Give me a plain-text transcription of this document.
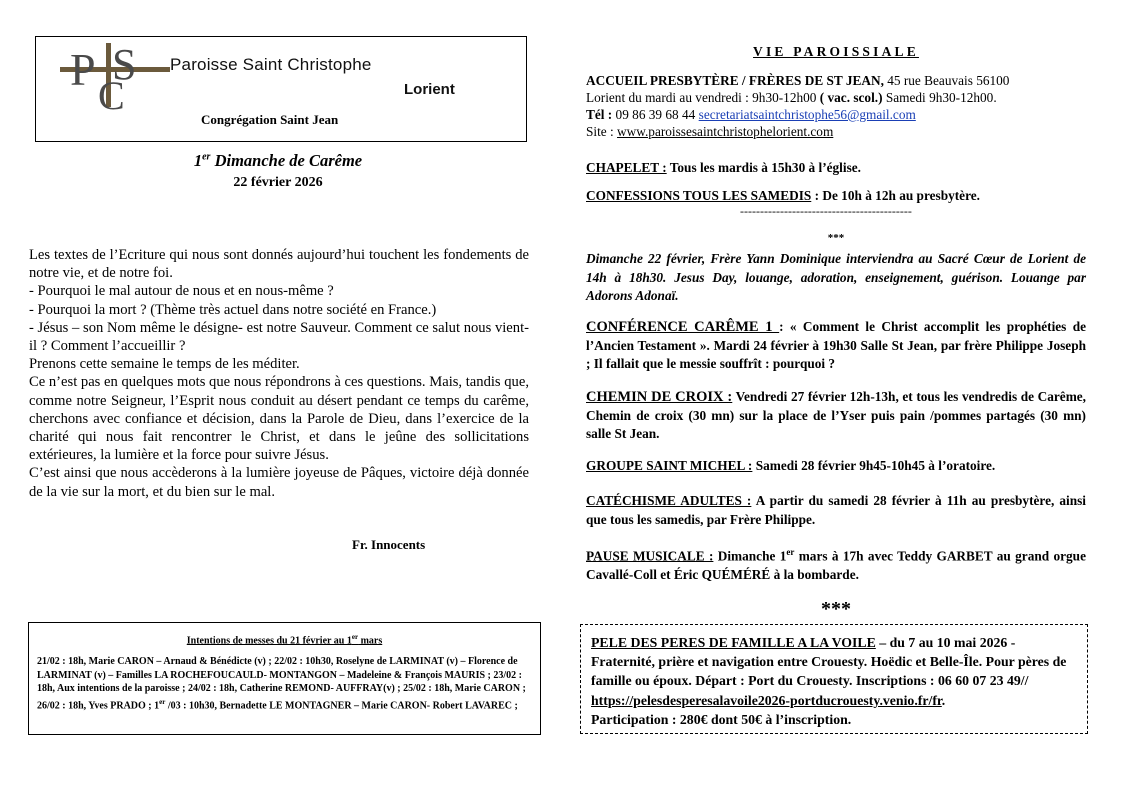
P S
C
Paroisse Saint Christophe
Lorient
Congrégation Saint Jean
1er Dimanche de Carême
22 février 2026

Les textes de l’Ecriture qui nous sont donnés aujourd’hui touchent les fondements de notre vie, et de notre foi.

- Pourquoi le mal autour de nous et en nous-même ?

- Pourquoi la mort ? (Thème très actuel dans notre société en France.)

- Jésus – son Nom même le désigne- est notre Sauveur. Comment ce salut nous vient-il ? Comment l’accueillir ?

Prenons cette semaine le temps de les méditer.

Ce n’est pas en quelques mots que nous répondrons à ces questions. Mais, tandis que, comme notre Seigneur, l’Esprit nous conduit au désert pendant ce temps du carême, cherchons avec confiance et décision, dans la Parole de Dieu, dans l’exercice de la charité qui nous fait rencontrer le Christ, et dans le jeûne des sollicitations extérieures, la lumière et la force pour suivre Jésus.

C’est ainsi que nous accèderons à la lumière joyeuse de Pâques, victoire déjà donnée de la vie sur la mort, et du bien sur le mal.

Fr. Innocents
Intentions de messes du 21 février au 1er mars
21/02 : 18h, Marie CARON – Arnaud & Bénédicte (v) ; 22/02 : 10h30, Roselyne de LARMINAT (v) – Florence de LARMINAT (v) – Familles LA ROCHEFOUCAULD- MONTANGON – Madeleine & François MAURIS ; 23/02 : 18h, Aux intentions de la paroisse ; 24/02 : 18h, Catherine REMOND- AUFFRAY(v) ; 25/02 : 18h, Marie CARON ; 26/02 : 18h, Yves PRADO ; 1er /03 : 10h30, Bernadette LE MONTAGNER – Marie CARON- Robert LAVAREC ;
VIE PAROISSIALE
ACCUEIL PRESBYTÈRE / FRÈRES DE ST JEAN, 45 rue Beauvais 56100
Lorient du mardi au vendredi : 9h30-12h00 ( vac. scol.) Samedi 9h30-12h00.
Tél : 09 86 39 68 44 secretariatsaintchristophe56@gmail.com
Site : www.paroissesaintchristophelorient.com
CHAPELET : Tous les mardis à 15h30 à l’église.
CONFESSIONS TOUS LES SAMEDIS : De 10h à 12h au presbytère.
-------------------------------------------
***
Dimanche 22 février, Frère Yann Dominique interviendra au Sacré Cœur de Lorient de 14h à 18h30. Jesus Day, louange, adoration, enseignement, guérison. Louange par Adorons Adonaï.
CONFÉRENCE CARÊME 1 : « Comment le Christ accomplit les prophéties de l’Ancien Testament ». Mardi 24 février à 19h30 Salle St Jean, par frère Philippe Joseph ; Il fallait que le messie souffrît : pourquoi ?
CHEMIN DE CROIX : Vendredi 27 février 12h-13h, et tous les vendredis de Carême, Chemin de croix (30 mn) sur la place de l’Yser puis pain /pommes partagés (30 mn) salle St Jean.
GROUPE SAINT MICHEL : Samedi 28 février 9h45-10h45 à l’oratoire.
CATÉCHISME ADULTES : A partir du samedi 28 février à 11h au presbytère, ainsi que tous les samedis, par Frère Philippe.
PAUSE MUSICALE : Dimanche 1er mars à 17h avec Teddy GARBET au grand orgue Cavallé-Coll et Éric QUÉMÉRÉ à la bombarde.
***
PELE DES PERES DE FAMILLE A LA VOILE – du 7 au 10 mai 2026 - Fraternité, prière et navigation entre Crouesty. Hoëdic et Belle-Île. Pour pères de famille ou époux. Départ : Port du Crouesty. Inscriptions : 06 60 07 23 49// https://pelesdesperesalavoile2026-portducrouesty.venio.fr/fr.
Participation : 280€ dont 50€ à l’inscription.
